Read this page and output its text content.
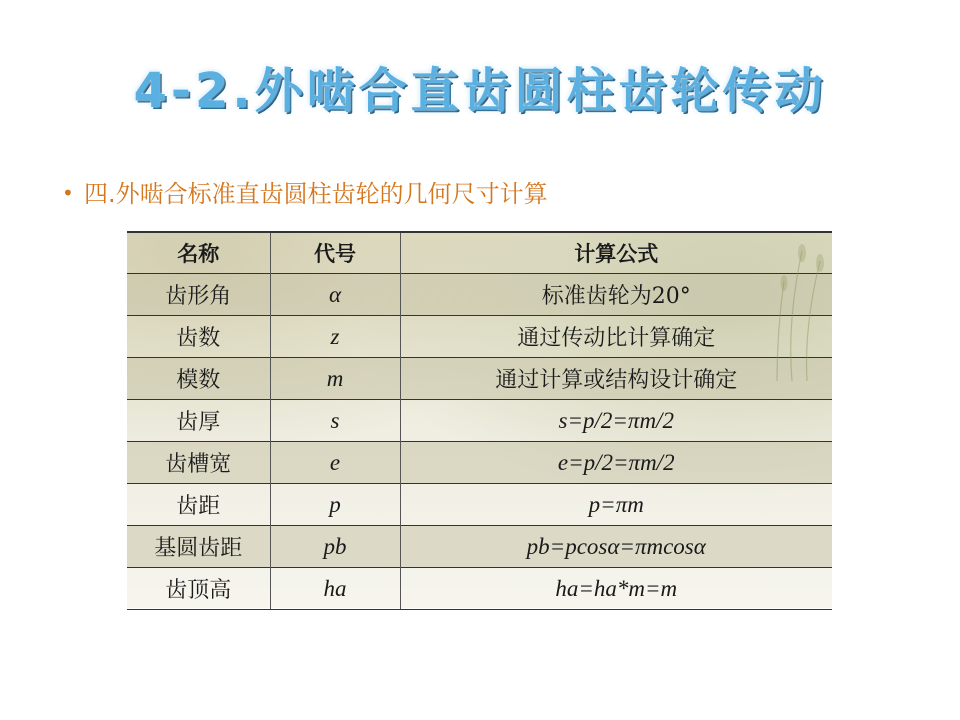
4-2.外啮合直齿圆柱齿轮传动
• 四.外啮合标准直齿圆柱齿轮的几何尺寸计算
名称	代号	计算公式
齿形角	α	标准齿轮为20°
齿数	z	通过传动比计算确定
模数	m	通过计算或结构设计确定
齿厚	s	s=p/2=πm/2
齿槽宽	e	e=p/2=πm/2
齿距	p	p=πm
基圆齿距	pb	pb=pcosα=πmcosα
齿顶高	ha	ha=ha*m=m
